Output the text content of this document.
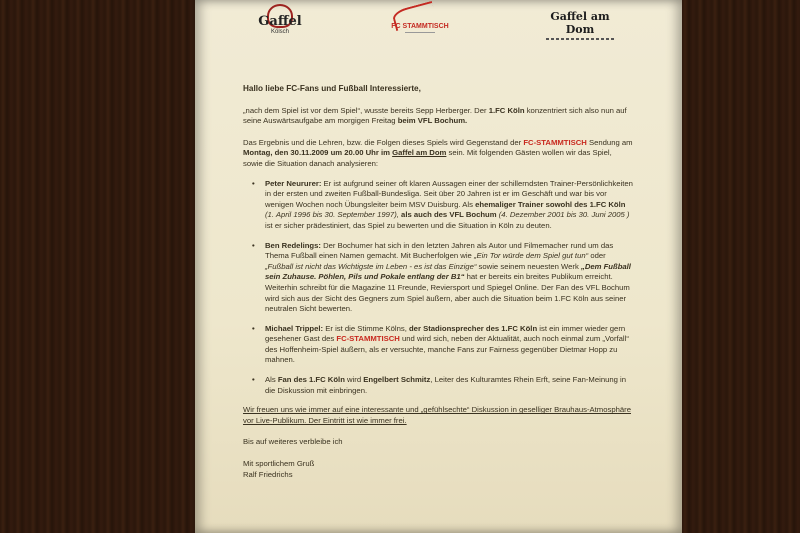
Gaffel
Kölsch
FC STAMMTISCH
Gaffel am Dom

Hallo liebe FC-Fans und Fußball Interessierte,

„nach dem Spiel ist vor dem Spiel“, wusste bereits Sepp Herberger. Der 1.FC Köln konzentriert sich also nun auf seine Auswärtsaufgabe am morgigen Freitag beim VFL Bochum.

Das Ergebnis und die Lehren, bzw. die Folgen dieses Spiels wird Gegenstand der FC-STAMMTISCH Sendung am Montag, den 30.11.2009 um 20.00 Uhr im Gaffel am Dom sein. Mit folgenden Gästen wollen wir das Spiel, sowie die Situation danach analysieren:

• Peter Neururer: Er ist aufgrund seiner oft klaren Aussagen einer der schillerndsten Trainer-Persönlichkeiten in der ersten und zweiten Fußball-Bundesliga. Seit über 20 Jahren ist er im Geschäft und war bis vor wenigen Wochen noch Übungsleiter beim MSV Duisburg. Als ehemaliger Trainer sowohl des 1.FC Köln (1. April 1996 bis 30. September 1997), als auch des VFL Bochum (4. Dezember 2001 bis 30. Juni 2005 ) ist er sicher prädestiniert, das Spiel zu bewerten und die Situation in Köln zu deuten.

• Ben Redelings: Der Bochumer hat sich in den letzten Jahren als Autor und Filmemacher rund um das Thema Fußball einen Namen gemacht. Mit Bucherfolgen wie „Ein Tor würde dem Spiel gut tun“ oder „Fußball ist nicht das Wichtigste im Leben - es ist das Einzige“ sowie seinem neuesten Werk „Dem Fußball sein Zuhause. Pöhlen, Pils und Pokale entlang der B1“ hat er bereits ein breites Publikum erreicht. Weiterhin schreibt für die Magazine 11 Freunde, Reviersport und Spiegel Online. Der Fan des VFL Bochum wird sich aus der Sicht des Gegners zum Spiel äußern, aber auch die Situation beim 1.FC Köln aus seiner neutralen Sicht bewerten.

• Michael Trippel: Er ist die Stimme Kölns, der Stadionsprecher des 1.FC Köln ist ein immer wieder gern gesehener Gast des FC-STAMMTISCH und wird sich, neben der Aktualität, auch noch einmal zum „Vorfall“ des Hoffenheim-Spiel äußern, als er versuchte, manche Fans zur Fairness gegenüber Dietmar Hopp zu mahnen.

• Als Fan des 1.FC Köln wird Engelbert Schmitz, Leiter des Kulturamtes Rhein Erft, seine Fan-Meinung in die Diskussion mit einbringen.

Wir freuen uns wie immer auf eine interessante und „gefühlsechte“ Diskussion in geselliger Brauhaus-Atmosphäre vor Live-Publikum. Der Eintritt ist wie immer frei.

Bis auf weiteres verbleibe ich

Mit sportlichem Gruß

Ralf Friedrichs
